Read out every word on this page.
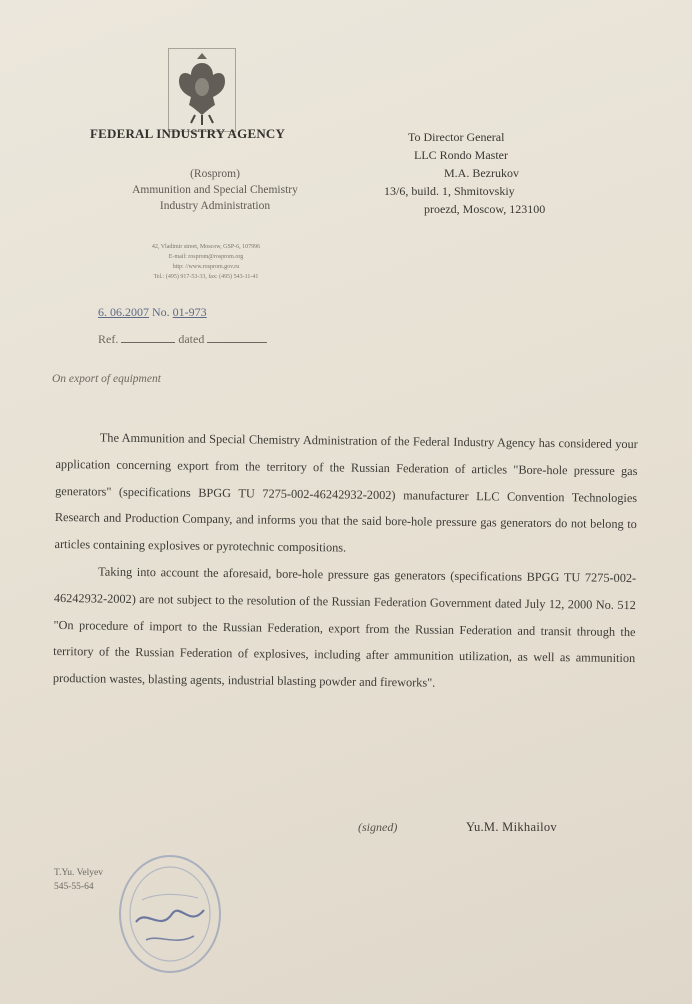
FEDERAL INDUSTRY AGENCY
(Rosprom)
Ammunition and Special Chemistry
Industry Administration
42, Vladimir street, Moscow, GSP-6, 107996
E-mail: rosprom@rosprom.org
http: //www.rosprom.gov.ru
Tel.: (495) 917-53-33, fax: (495) 543-11-41
6. 06.2007 No. 01-973
Ref.	dated
To Director General
LLC Rondo Master
M.A. Bezrukov
13/6, build. 1, Shmitovskiy
proezd, Moscow, 123100
On export of equipment

The Ammunition and Special Chemistry Administration of the Federal Industry Agency has considered your application concerning export from the territory of the Russian Federation of articles "Bore-hole pressure gas generators" (specifications BPGG TU 7275-002-46242932-2002) manufacturer LLC Convention Technologies Research and Production Company, and informs you that the said bore-hole pressure gas generators do not belong to articles containing explosives or pyrotechnic compositions.

Taking into account the aforesaid, bore-hole pressure gas generators (specifications BPGG TU 7275-002-46242932-2002) are not subject to the resolution of the Russian Federation Government dated July 12, 2000 No. 512 "On procedure of import to the Russian Federation, export from the Russian Federation and transit through the territory of the Russian Federation of explosives, including after ammunition utilization, as well as ammunition production wastes, blasting agents, industrial blasting powder and fireworks".

(signed)	Yu.M. Mikhailov
T.Yu. Velyev
545-55-64
